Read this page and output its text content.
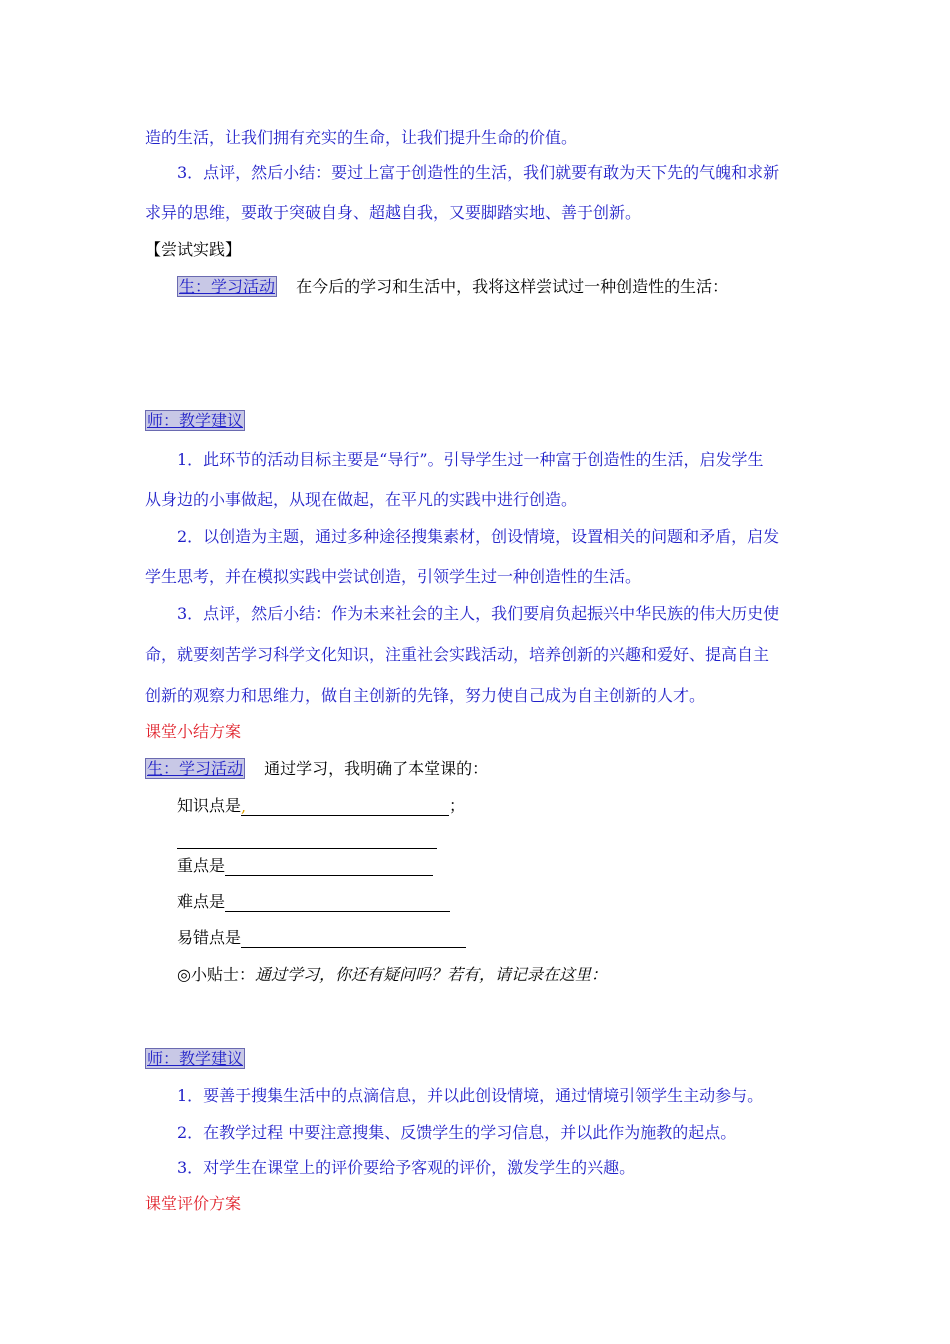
造的生活，让我们拥有充实的生命，让我们提升生命的价值。
3．点评，然后小结：要过上富于创造性的生活，我们就要有敢为天下先的气魄和求新
求异的思维，要敢于突破自身、超越自我，又要脚踏实地、善于创新。
【尝试实践】
生：学习活动 在今后的学习和生活中，我将这样尝试过一种创造性的生活：
师：教学建议
1．此环节的活动目标主要是“导行”。引导学生过一种富于创造性的生活，启发学生
从身边的小事做起，从现在做起，在平凡的实践中进行创造。
2．以创造为主题，通过多种途径搜集素材，创设情境，设置相关的问题和矛盾，启发
学生思考，并在模拟实践中尝试创造，引领学生过一种创造性的生活。
3．点评，然后小结：作为未来社会的主人，我们要肩负起振兴中华民族的伟大历史使
命，就要刻苦学习科学文化知识，注重社会实践活动，培养创新的兴趣和爱好、提高自主
创新的观察力和思维力，做自主创新的先锋，努力使自己成为自主创新的人才。
课堂小结方案
生：学习活动 通过学习，我明确了本堂课的：
知识点是,	；
重点是
难点是
易错点是
◎小贴士：通过学习，你还有疑问吗？若有，请记录在这里：
师：教学建议
1．要善于搜集生活中的点滴信息，并以此创设情境，通过情境引领学生主动参与。
2．在教学过程 中要注意搜集、反馈学生的学习信息，并以此作为施教的起点。
3．对学生在课堂上的评价要给予客观的评价，激发学生的兴趣。
课堂评价方案
